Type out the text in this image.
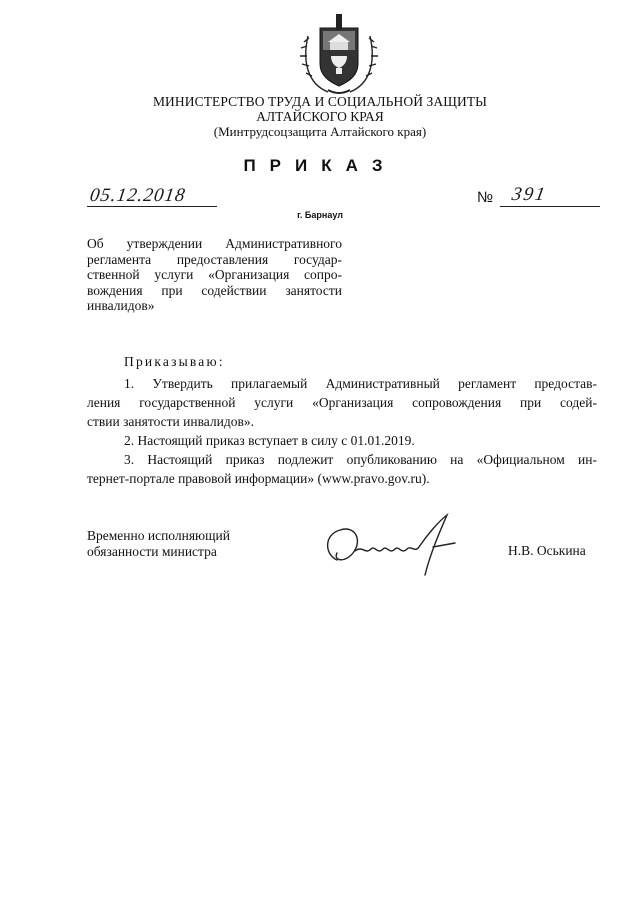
МИНИСТЕРСТВО ТРУДА И СОЦИАЛЬНОЙ ЗАЩИТЫ
АЛТАЙСКОГО КРАЯ
(Минтрудсоцзащита Алтайского края)
ПРИКАЗ
05.12.2018	№ 391
г. Барнаул
Об утверждении Административного
регламента предоставления государ-
ственной услуги «Организация сопро-
вождения при содействии занятости
инвалидов»
Приказываю:
1. Утвердить прилагаемый Административный регламент предостав-
ления государственной услуги «Организация сопровождения при содей-
ствии занятости инвалидов».
2. Настоящий приказ вступает в силу с 01.01.2019.
3. Настоящий приказ подлежит опубликованию на «Официальном ин-
тернет-портале правовой информации» (www.pravo.gov.ru).
Временно исполняющий
обязанности министра	Н.В. Оськина
